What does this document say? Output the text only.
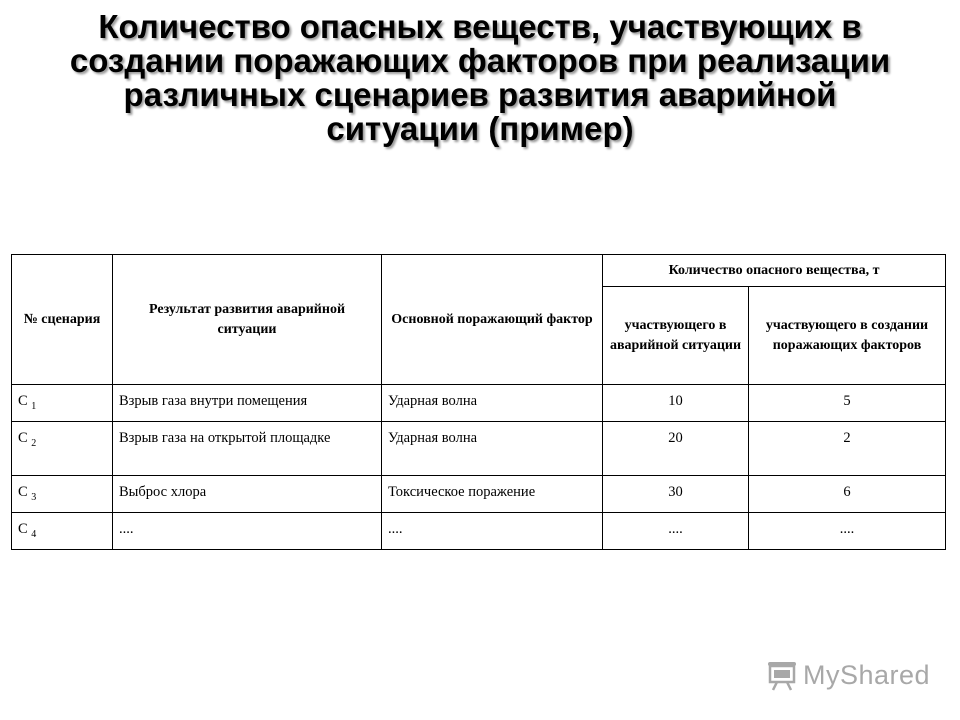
Количество опасных веществ, участвующих в
создании поражающих факторов при реализации
различных сценариев развития аварийной
ситуации (пример)
№ сценария	Результат развития аварийной ситуации	Основной поражающий фактор	Количество опасного вещества, т	
			участвующего в аварийной ситуации	участвующего в создании поражающих факторов
С $_1$	Взрыв газа внутри помещения	Ударная волна	10	5
С $_2$	Взрыв газа на открытой площадке	Ударная волна	20	2
С $_3$	Выброс хлора	Токсическое поражение	30	6
С $_4$	....	....	....	....
MyShared
